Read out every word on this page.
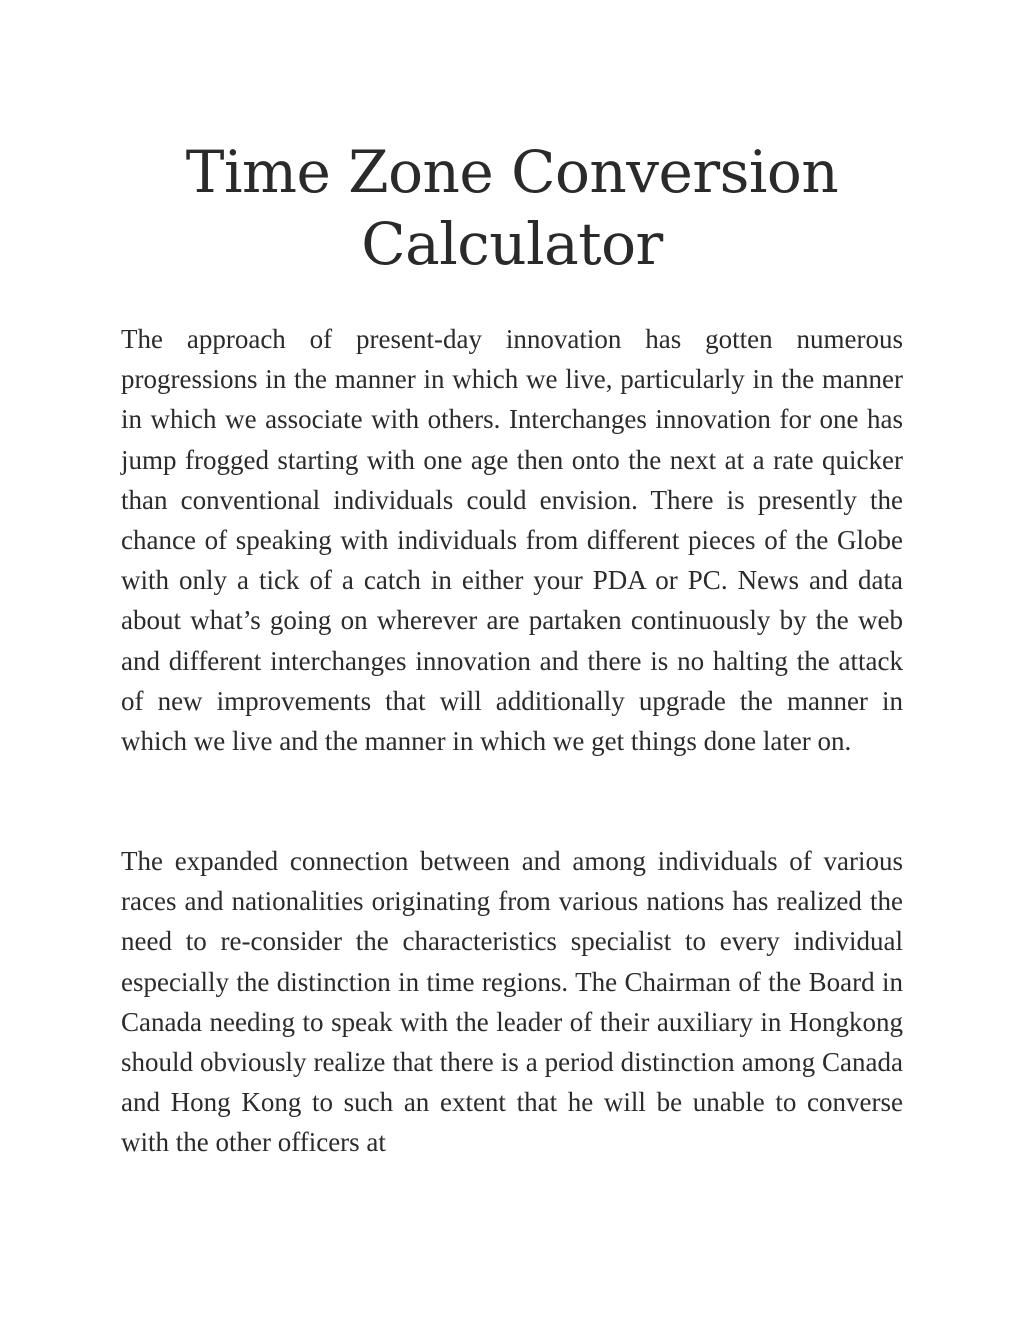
Time Zone Conversion Calculator

The approach of present-day innovation has gotten numerous progressions in the manner in which we live, particularly in the manner in which we associate with others. Interchanges innovation for one has jump frogged starting with one age then onto the next at a rate quicker than conventional individuals could envision. There is presently the chance of speaking with individuals from different pieces of the Globe with only a tick of a catch in either your PDA or PC. News and data about what’s going on wherever are partaken continuously by the web and different interchanges innovation and there is no halting the attack of new improvements that will additionally upgrade the manner in which we live and the manner in which we get things done later on.

The expanded connection between and among individuals of various races and nationalities originating from various nations has realized the need to re-consider the characteristics specialist to every individual especially the distinction in time regions. The Chairman of the Board in Canada needing to speak with the leader of their auxiliary in Hongkong should obviously realize that there is a period distinction among Canada and Hong Kong to such an extent that he will be unable to converse with the other officers at
